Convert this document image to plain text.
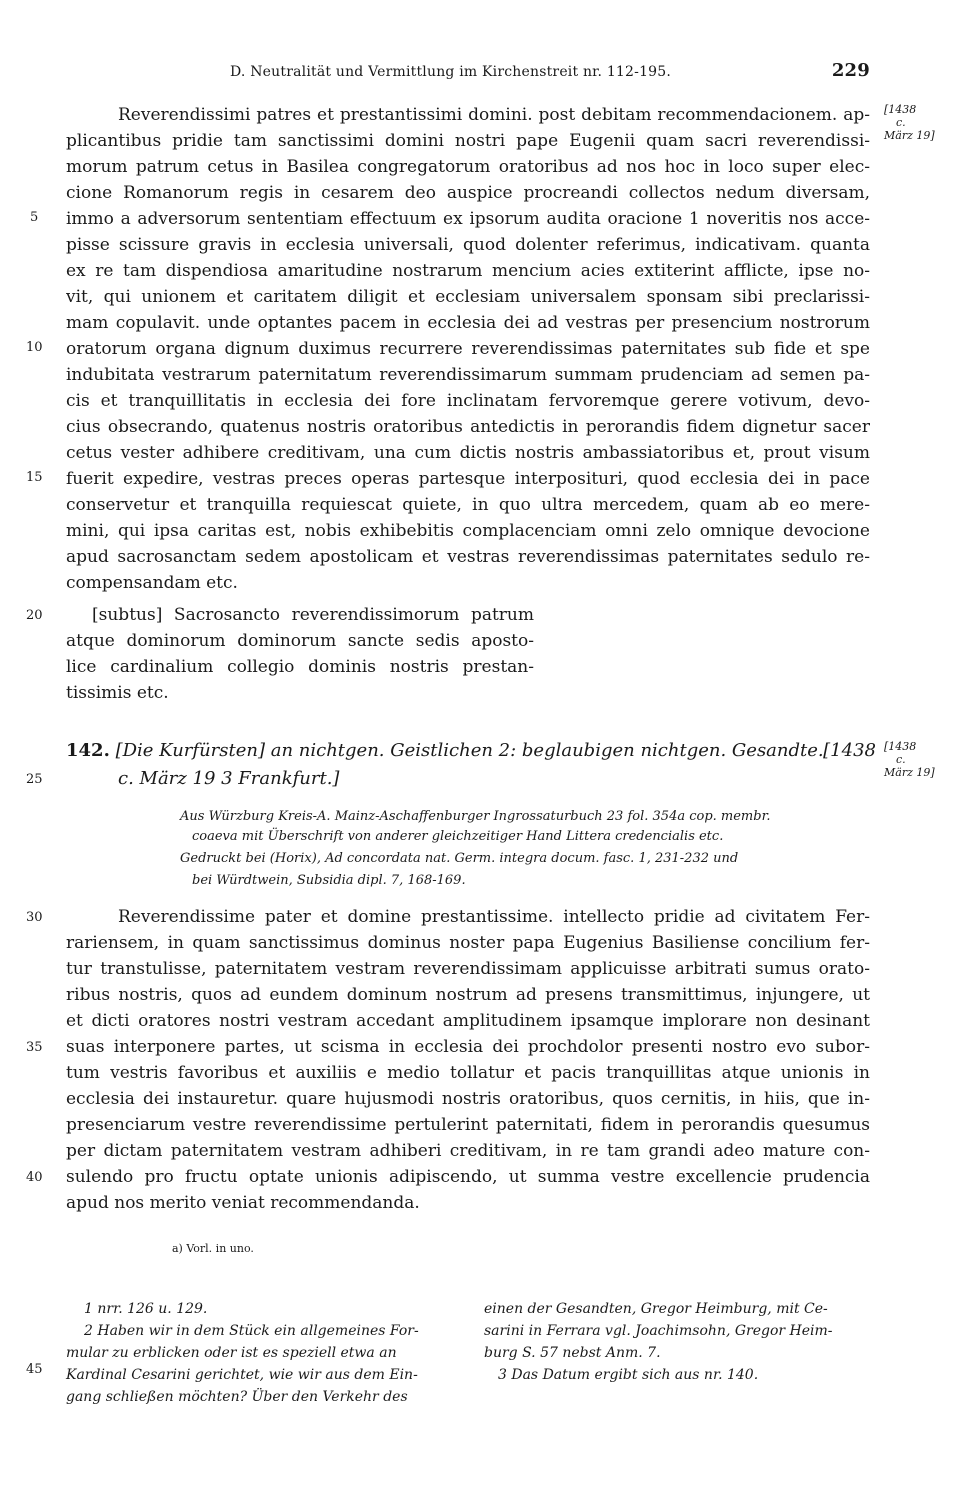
D. Neutralität und Vermittlung im Kirchenstreit nr. 112-195.	229
[1438
c.
März 19]
Reverendissimi patres et prestantissimi domini. post debitam recommendacionem. ap-
plicantibus pridie tam sanctissimi domini nostri pape Eugenii quam sacri reverendissi-
morum patrum cetus in Basilea congregatorum oratoribus ad nos hoc in loco super elec-
cione Romanorum regis in cesarem deo auspice procreandi collectos nedum diversam,
immo a adversorum sententiam effectuum ex ipsorum audita oracione 1 noveritis nos acce-
pisse scissure gravis in ecclesia universali, quod dolenter referimus, indicativam. quanta
ex re tam dispendiosa amaritudine nostrarum mencium acies extiterint afflicte, ipse no-
vit, qui unionem et caritatem diligit et ecclesiam universalem sponsam sibi preclarissi-
mam copulavit. unde optantes pacem in ecclesia dei ad vestras per presencium nostrorum
oratorum organa dignum duximus recurrere reverendissimas paternitates sub fide et spe
indubitata vestrarum paternitatum reverendissimarum summam prudenciam ad semen pa-
cis et tranquillitatis in ecclesia dei fore inclinatam fervoremque gerere votivum, devo-
cius obsecrando, quatenus nostris oratoribus antedictis in perorandis fidem dignetur sacer
cetus vester adhibere creditivam, una cum dictis nostris ambassiatoribus et, prout visum
fuerit expedire, vestras preces operas partesque interposituri, quod ecclesia dei in pace
conservetur et tranquilla requiescat quiete, in quo ultra mercedem, quam ab eo mere-
mini, qui ipsa caritas est, nobis exhibebitis complacenciam omni zelo omnique devocione
apud sacrosanctam sedem apostolicam et vestras reverendissimas paternitates sedulo re-
compensandam etc.
[subtus] Sacrosancto reverendissimorum patrum
atque dominorum dominorum sancte sedis aposto-
lice cardinalium collegio dominis nostris prestan-
tissimis etc.
142. [Die Kurfürsten] an nichtgen. Geistlichen 2: beglaubigen nichtgen. Gesandte. [1438
c. März 19 3 Frankfurt.]
[1438
c.
März 19]
Aus Würzburg Kreis-A. Mainz-Aschaffenburger Ingrossaturbuch 23 fol. 354a cop. membr.
coaeva mit Überschrift von anderer gleichzeitiger Hand Littera credencialis etc.
Gedruckt bei (Horix), Ad concordata nat. Germ. integra docum. fasc. 1, 231-232 und
bei Würdtwein, Subsidia dipl. 7, 168-169.
Reverendissime pater et domine prestantissime. intellecto pridie ad civitatem Fer-
rariensem, in quam sanctissimus dominus noster papa Eugenius Basiliense concilium fer-
tur transtulisse, paternitatem vestram reverendissimam applicuisse arbitrati sumus orato-
ribus nostris, quos ad eundem dominum nostrum ad presens transmittimus, injungere, ut
et dicti oratores nostri vestram accedant amplitudinem ipsamque implorare non desinant
suas interponere partes, ut scisma in ecclesia dei prochdolor presenti nostro evo subor-
tum vestris favoribus et auxiliis e medio tollatur et pacis tranquillitas atque unionis in
ecclesia dei instauretur. quare hujusmodi nostris oratoribus, quos cernitis, in hiis, que in-
presenciarum vestre reverendissime pertulerint paternitati, fidem in perorandis quesumus
per dictam paternitatem vestram adhiberi creditivam, in re tam grandi adeo mature con-
sulendo pro fructu optate unionis adipiscendo, ut summa vestre excellencie prudencia
apud nos merito veniat recommendanda.
5
10
15
20
25
30
35
40
45
a) Vorl. in uno.
1 nrr. 126 u. 129.
2 Haben wir in dem Stück ein allgemeines For-
mular zu erblicken oder ist es speziell etwa an
Kardinal Cesarini gerichtet, wie wir aus dem Ein-
gang schließen möchten? Über den Verkehr des
einen der Gesandten, Gregor Heimburg, mit Ce-
sarini in Ferrara vgl. Joachimsohn, Gregor Heim-
burg S. 57 nebst Anm. 7.
3 Das Datum ergibt sich aus nr. 140.
